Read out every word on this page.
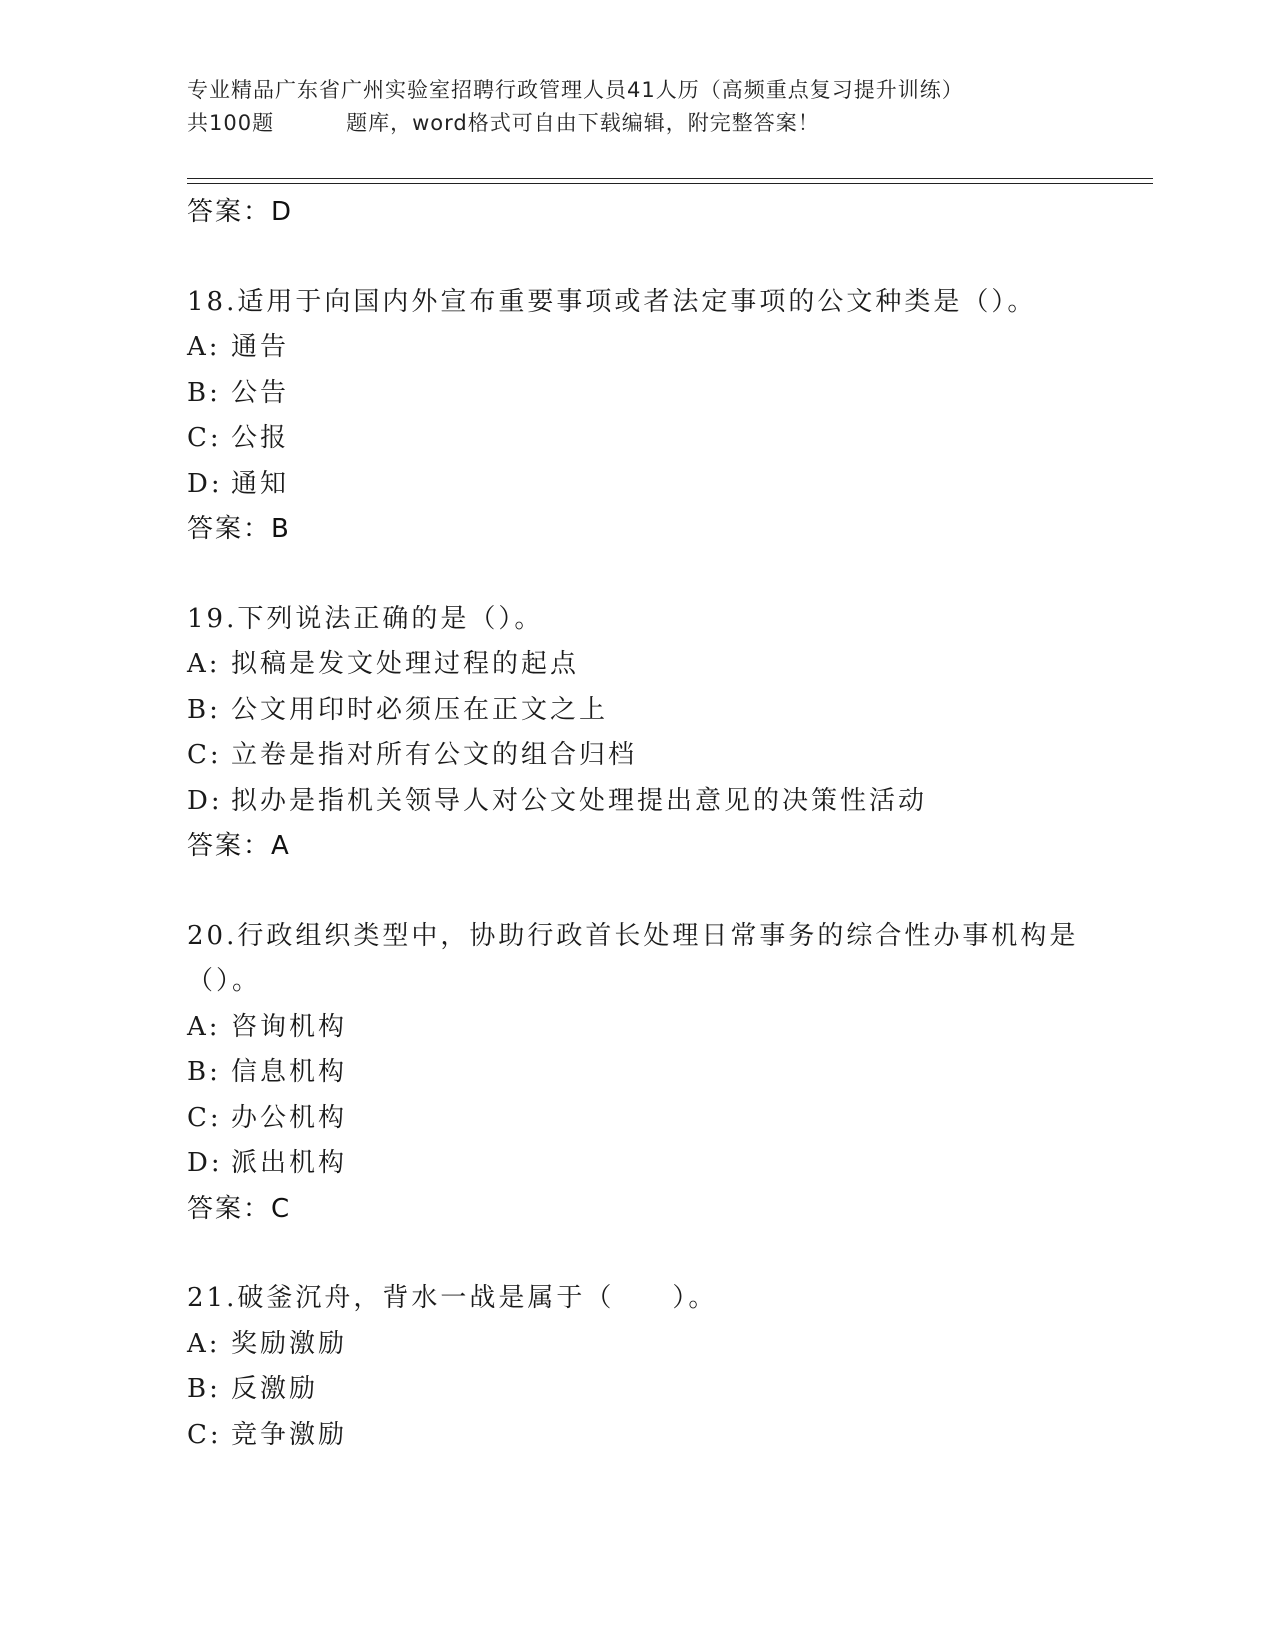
专业精品广东省广州实验室招聘行政管理人员41人历（高频重点复习提升训练）
共100题	题库，word格式可自由下载编辑，附完整答案！
答案：D
18.适用于向国内外宣布重要事项或者法定事项的公文种类是（）。
A: 通告
B: 公告
C: 公报
D: 通知
答案：B
19.下列说法正确的是（）。
A: 拟稿是发文处理过程的起点
B: 公文用印时必须压在正文之上
C: 立卷是指对所有公文的组合归档
D: 拟办是指机关领导人对公文处理提出意见的决策性活动
答案：A
20.行政组织类型中，协助行政首长处理日常事务的综合性办事机构是
（）。
A: 咨询机构
B: 信息机构
C: 办公机构
D: 派出机构
答案：C
21.破釜沉舟，背水一战是属于（　　）。
A: 奖励激励
B: 反激励
C: 竞争激励
